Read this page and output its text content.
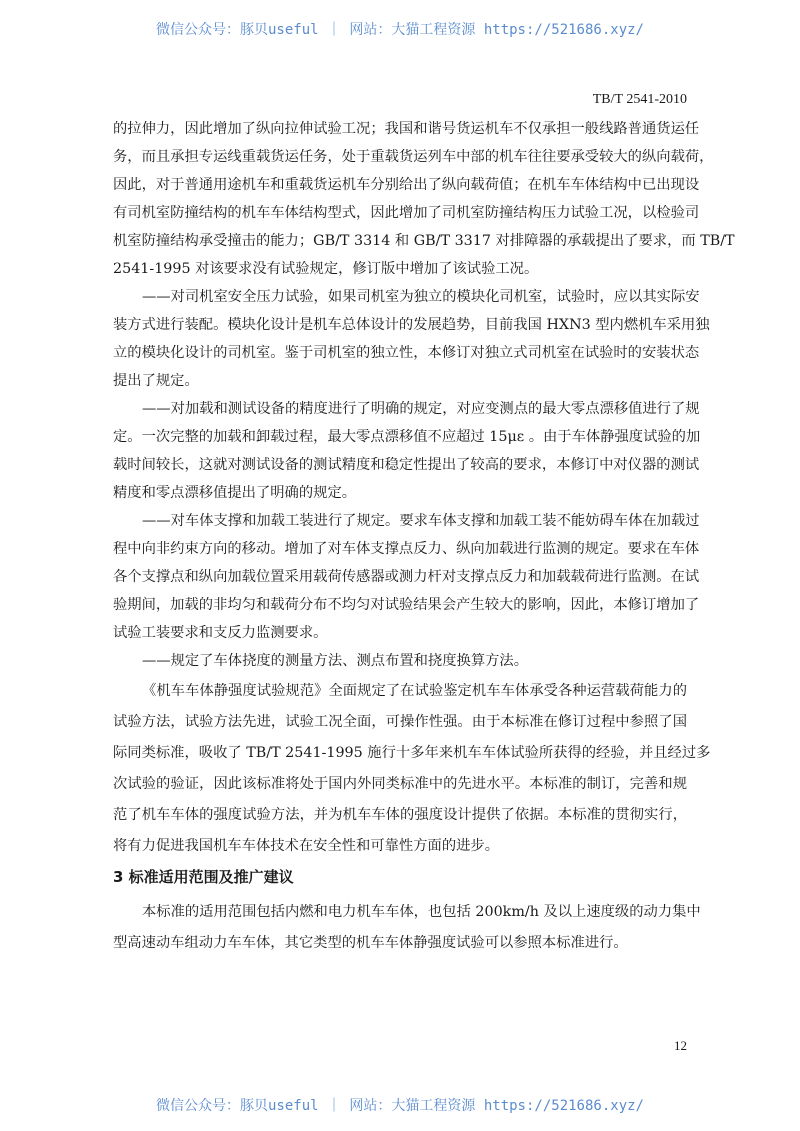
微信公众号：豚贝useful ｜ 网站：大猫工程资源 https://521686.xyz/
TB/T 2541-2010
的拉伸力，因此增加了纵向拉伸试验工况；我国和谐号货运机车不仅承担一般线路普通货运任
务，而且承担专运线重载货运任务，处于重载货运列车中部的机车往往要承受较大的纵向载荷，
因此，对于普通用途机车和重载货运机车分别给出了纵向载荷值；在机车车体结构中已出现设
有司机室防撞结构的机车车体结构型式，因此增加了司机室防撞结构压力试验工况，以检验司
机室防撞结构承受撞击的能力；GB/T 3314 和 GB/T 3317 对排障器的承载提出了要求，而 TB/T
2541-1995 对该要求没有试验规定，修订版中增加了该试验工况。
——对司机室安全压力试验，如果司机室为独立的模块化司机室，试验时，应以其实际安
装方式进行装配。模块化设计是机车总体设计的发展趋势，目前我国 HXN3 型内燃机车采用独
立的模块化设计的司机室。鉴于司机室的独立性，本修订对独立式司机室在试验时的安装状态
提出了规定。
——对加载和测试设备的精度进行了明确的规定，对应变测点的最大零点漂移值进行了规
定。一次完整的加载和卸载过程，最大零点漂移值不应超过 15με 。由于车体静强度试验的加
载时间较长，这就对测试设备的测试精度和稳定性提出了较高的要求，本修订中对仪器的测试
精度和零点漂移值提出了明确的规定。
——对车体支撑和加载工装进行了规定。要求车体支撑和加载工装不能妨碍车体在加载过
程中向非约束方向的移动。增加了对车体支撑点反力、纵向加载进行监测的规定。要求在车体
各个支撑点和纵向加载位置采用载荷传感器或测力杆对支撑点反力和加载载荷进行监测。在试
验期间，加载的非均匀和载荷分布不均匀对试验结果会产生较大的影响，因此，本修订增加了
试验工装要求和支反力监测要求。
——规定了车体挠度的测量方法、测点布置和挠度换算方法。
《机车车体静强度试验规范》全面规定了在试验鉴定机车车体承受各种运营载荷能力的
试验方法，试验方法先进，试验工况全面，可操作性强。由于本标准在修订过程中参照了国
际同类标准，吸收了 TB/T 2541-1995 施行十多年来机车车体试验所获得的经验，并且经过多
次试验的验证，因此该标准将处于国内外同类标准中的先进水平。本标准的制订，完善和规
范了机车车体的强度试验方法，并为机车车体的强度设计提供了依据。本标准的贯彻实行，
将有力促进我国机车车体技术在安全性和可靠性方面的进步。
3 标准适用范围及推广建议
本标准的适用范围包括内燃和电力机车车体，也包括 200km/h 及以上速度级的动力集中
型高速动车组动力车车体，其它类型的机车车体静强度试验可以参照本标准进行。
12
微信公众号：豚贝useful ｜ 网站：大猫工程资源 https://521686.xyz/
